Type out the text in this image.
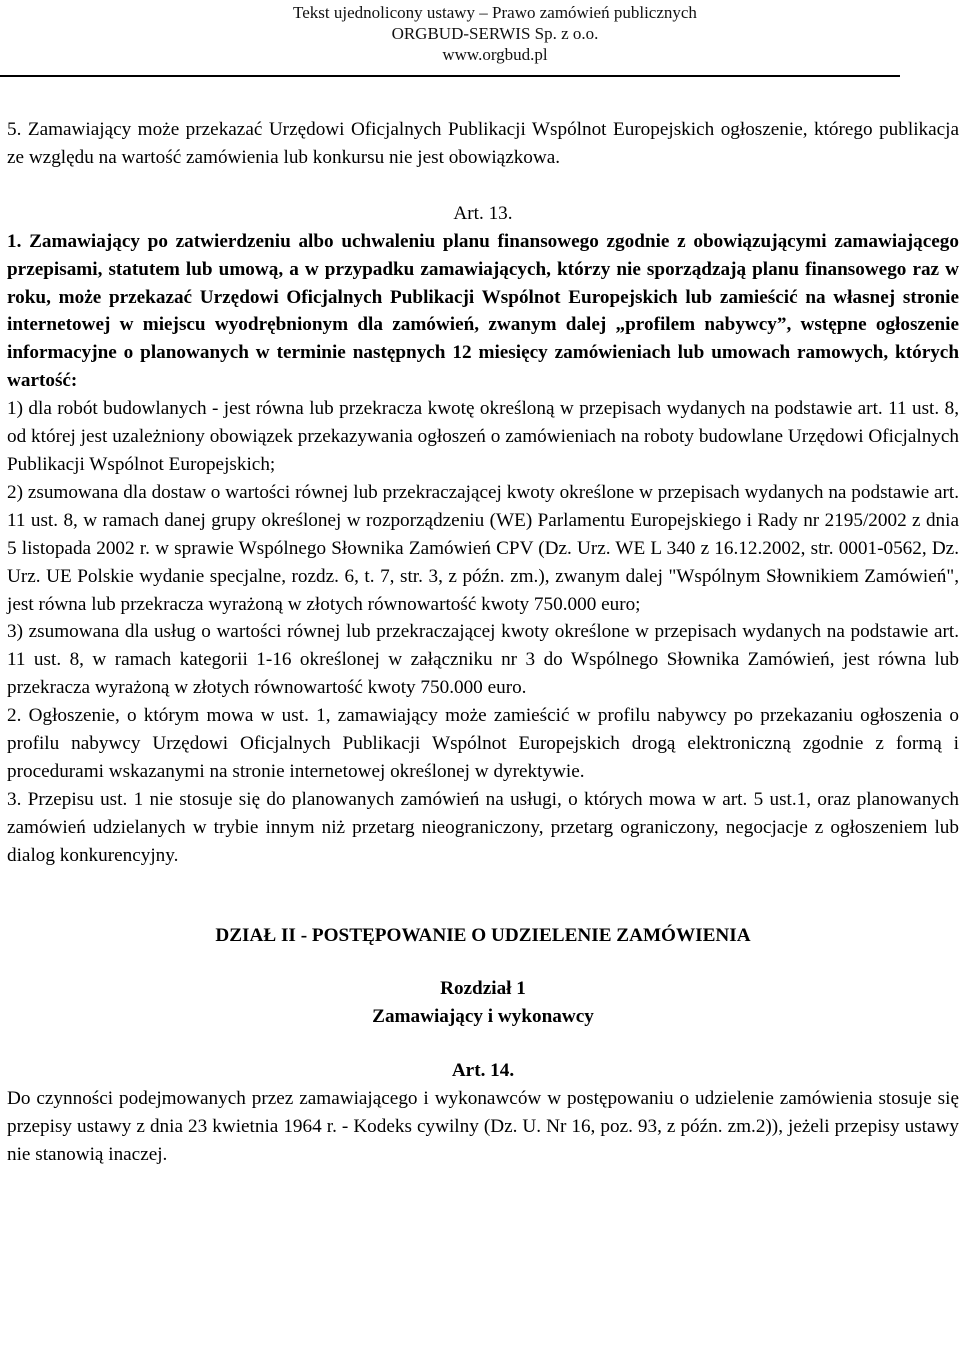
Tekst ujednolicony ustawy – Prawo zamówień publicznych
ORGBUD-SERWIS Sp. z o.o.
www.orgbud.pl

5. Zamawiający może przekazać Urzędowi Oficjalnych Publikacji Wspólnot Europejskich ogłoszenie, którego publikacja ze względu na wartość zamówienia lub konkursu nie jest obowiązkowa.

Art. 13.

1. Zamawiający po zatwierdzeniu albo uchwaleniu planu finansowego zgodnie z obowiązującymi zamawiającego przepisami, statutem lub umową, a w przypadku zamawiających, którzy nie sporządzają planu finansowego raz w roku, może przekazać Urzędowi Oficjalnych Publikacji Wspólnot Europejskich lub zamieścić na własnej stronie internetowej w miejscu wyodrębnionym dla zamówień, zwanym dalej „profilem nabywcy”, wstępne ogłoszenie informacyjne o planowanych w terminie następnych 12 miesięcy zamówieniach lub umowach ramowych, których wartość:

1) dla robót budowlanych - jest równa lub przekracza kwotę określoną w przepisach wydanych na podstawie art. 11 ust. 8, od której jest uzależniony obowiązek przekazywania ogłoszeń o zamówieniach na roboty budowlane Urzędowi Oficjalnych Publikacji Wspólnot Europejskich;

2) zsumowana dla dostaw o wartości równej lub przekraczającej kwoty określone w przepisach wydanych na podstawie art. 11 ust. 8, w ramach danej grupy określonej w rozporządzeniu (WE) Parlamentu Europejskiego i Rady nr 2195/2002 z dnia 5 listopada 2002 r. w sprawie Wspólnego Słownika Zamówień CPV (Dz. Urz. WE L 340 z 16.12.2002, str. 0001-0562, Dz. Urz. UE Polskie wydanie specjalne, rozdz. 6, t. 7, str. 3, z późn. zm.), zwanym dalej "Wspólnym Słownikiem Zamówień", jest równa lub przekracza wyrażoną w złotych równowartość kwoty 750.000 euro;

3) zsumowana dla usług o wartości równej lub przekraczającej kwoty określone w przepisach wydanych na podstawie art. 11 ust. 8, w ramach kategorii 1-16 określonej w załączniku nr 3 do Wspólnego Słownika Zamówień, jest równa lub przekracza wyrażoną w złotych równowartość kwoty 750.000 euro.

2. Ogłoszenie, o którym mowa w ust. 1, zamawiający może zamieścić w profilu nabywcy po przekazaniu ogłoszenia o profilu nabywcy Urzędowi Oficjalnych Publikacji Wspólnot Europejskich drogą elektroniczną zgodnie z formą i procedurami wskazanymi na stronie internetowej określonej w dyrektywie.

3. Przepisu ust. 1 nie stosuje się do planowanych zamówień na usługi, o których mowa w art. 5 ust.1, oraz planowanych zamówień udzielanych w trybie innym niż przetarg nieograniczony, przetarg ograniczony, negocjacje z ogłoszeniem lub dialog konkurencyjny.

DZIAŁ II - POSTĘPOWANIE O UDZIELENIE ZAMÓWIENIA

Rozdział 1

Zamawiający i wykonawcy

Art. 14.

Do czynności podejmowanych przez zamawiającego i wykonawców w postępowaniu o udzielenie zamówienia stosuje się przepisy ustawy z dnia 23 kwietnia 1964 r. - Kodeks cywilny (Dz. U. Nr 16, poz. 93, z późn. zm.2)), jeżeli przepisy ustawy nie stanowią inaczej.
